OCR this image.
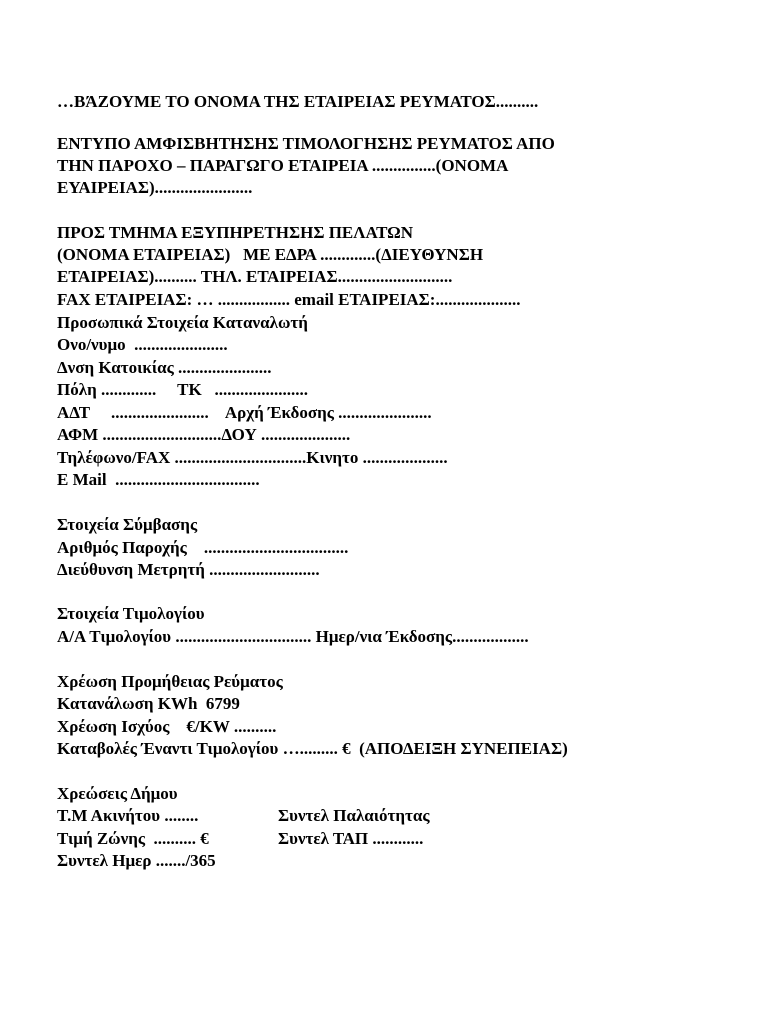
…ΒΆΖΟΥΜΕ ΤΟ ΟΝΟΜΑ ΤΗΣ ΕΤΑΙΡΕΙΑΣ ΡΕΥΜΑΤΟΣ..........
ΕΝΤΥΠΟ ΑΜΦΙΣΒΗΤΗΣΗΣ ΤΙΜΟΛΟΓΗΣΗΣ ΡΕΥΜΑΤΟΣ ΑΠΟ
ΤΗΝ ΠΑΡΟΧΟ – ΠΑΡΑΓΩΓΟ ΕΤΑΙΡΕΙΑ ...............(ΟΝΟΜΑ
ΕΥΑΙΡΕΙΑΣ).......................
ΠΡΟΣ ΤΜΗΜΑ ΕΞΥΠΗΡΕΤΗΣΗΣ ΠΕΛΑΤΩΝ
(ΟΝΟΜΑ ΕΤΑΙΡΕΙΑΣ)   ΜΕ ΕΔΡΑ .............(ΔΙΕΥΘΥΝΣΗ
ΕΤΑΙΡΕΙΑΣ).......... ΤΗΛ. ΕΤΑΙΡΕΙΑΣ...........................
FAX ΕΤΑΙΡΕΙΑΣ: … ................. email ΕΤΑΙΡΕΙΑΣ:....................
Προσωπικά Στοιχεία Καταναλωτή
Ονο/νυμο  ......................
Δνση Κατοικίας ......................
Πόλη .............     ΤΚ   ......................
ΑΔΤ     .......................    Αρχή Έκδοσης ......................
ΑΦΜ ............................ΔΟΥ .....................
Τηλέφωνο/FAX ...............................Κινητο ....................
E Mail  ..................................
Στοιχεία Σύμβασης
Αριθμός Παροχής    ..................................
Διεύθυνση Μετρητή ..........................
Στοιχεία Τιμολογίου
Α/Α Τιμολογίου ................................ Ημερ/νια Έκδοσης..................
Χρέωση Προμήθειας Ρεύματος
Κατανάλωση KWh  6799
Χρέωση Ισχύος    €/KW ..........
Καταβολές Έναντι Τιμολογίου …......... €  (ΑΠΟΔΕΙΞΗ ΣΥΝΕΠΕΙΑΣ)
Χρεώσεις Δήμου
Τ.Μ Ακινήτου ........	Συντελ Παλαιότητας
Τιμή Ζώνης  .......... €	Συντελ ΤΑΠ ............
Συντελ Ημερ ......./365
